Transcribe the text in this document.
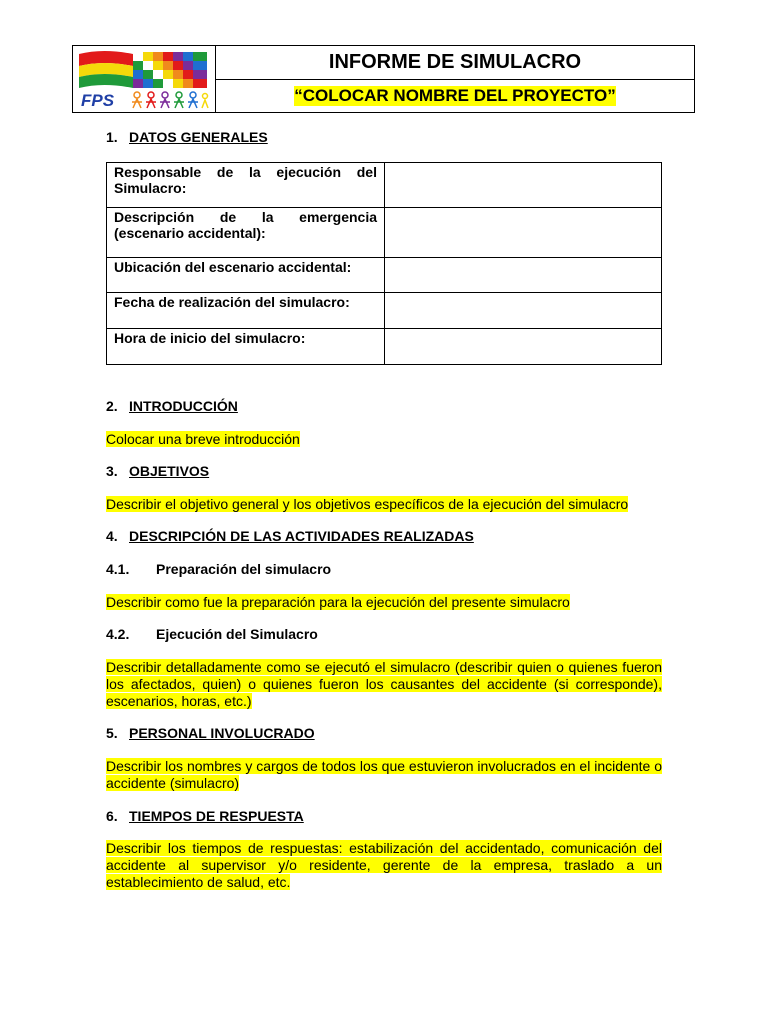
FPS
INFORME DE SIMULACRO
“COLOCAR NOMBRE DEL PROYECTO”
1. DATOS GENERALES
Responsable de la ejecución del Simulacro:	
Descripción de la emergencia (escenario accidental):	
Ubicación del escenario accidental:	
Fecha de realización del simulacro:	
Hora de inicio del simulacro:	
2. INTRODUCCIÓN
Colocar una breve introducción
3. OBJETIVOS
Describir el objetivo general y los objetivos específicos de la ejecución del simulacro
4. DESCRIPCIÓN DE LAS ACTIVIDADES REALIZADAS
4.1. Preparación del simulacro
Describir como fue la preparación para la ejecución del presente simulacro
4.2. Ejecución del Simulacro
Describir detalladamente como se ejecutó el simulacro (describir quien o quienes fueron los afectados, quien) o quienes fueron los causantes del accidente (si corresponde), escenarios, horas, etc.)
5. PERSONAL INVOLUCRADO
Describir los nombres y cargos de todos los que estuvieron involucrados en el incidente o accidente (simulacro)
6. TIEMPOS DE RESPUESTA
Describir los tiempos de respuestas: estabilización del accidentado, comunicación del accidente al supervisor y/o residente, gerente de la empresa, traslado a un establecimiento de salud, etc.
